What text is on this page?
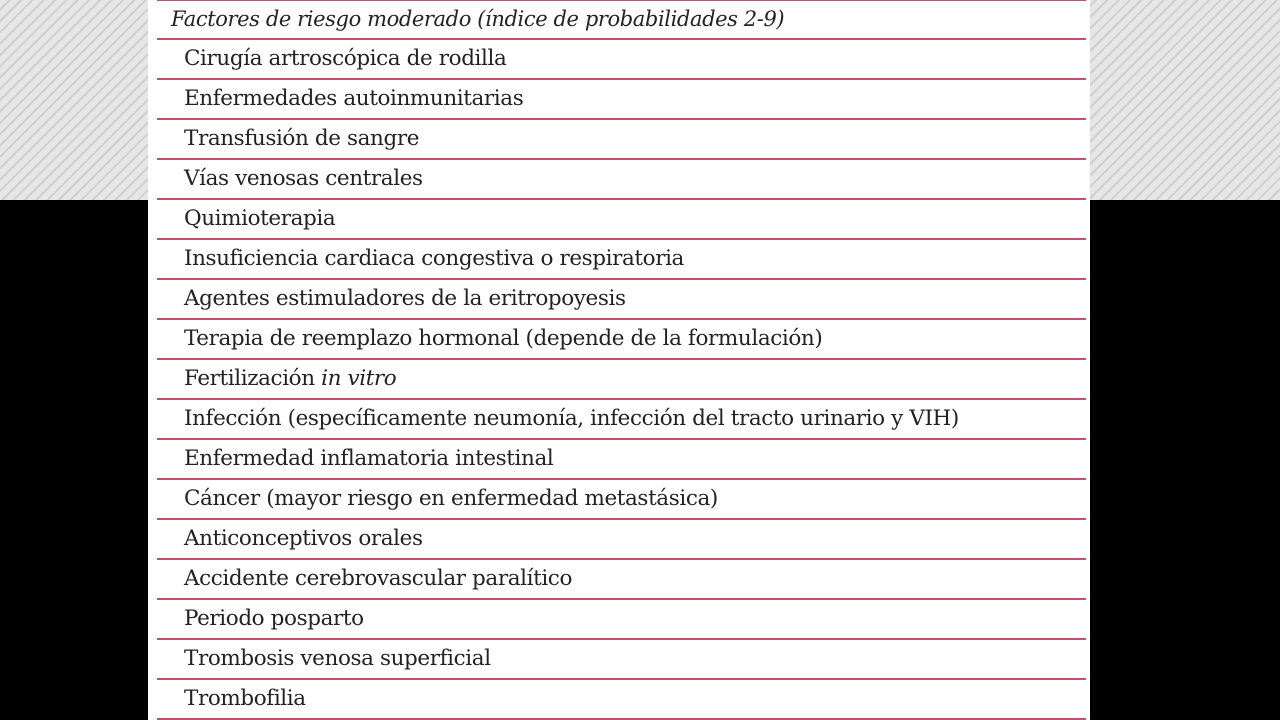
Factores de riesgo moderado (índice de probabilidades 2-9)
Cirugía artroscópica de rodilla
Enfermedades autoinmunitarias
Transfusión de sangre
Vías venosas centrales
Quimioterapia
Insuficiencia cardiaca congestiva o respiratoria
Agentes estimuladores de la eritropoyesis
Terapia de reemplazo hormonal (depende de la formulación)
Fertilización in vitro
Infección (específicamente neumonía, infección del tracto urinario y VIH)
Enfermedad inflamatoria intestinal
Cáncer (mayor riesgo en enfermedad metastásica)
Anticonceptivos orales
Accidente cerebrovascular paralítico
Periodo posparto
Trombosis venosa superficial
Trombofilia
